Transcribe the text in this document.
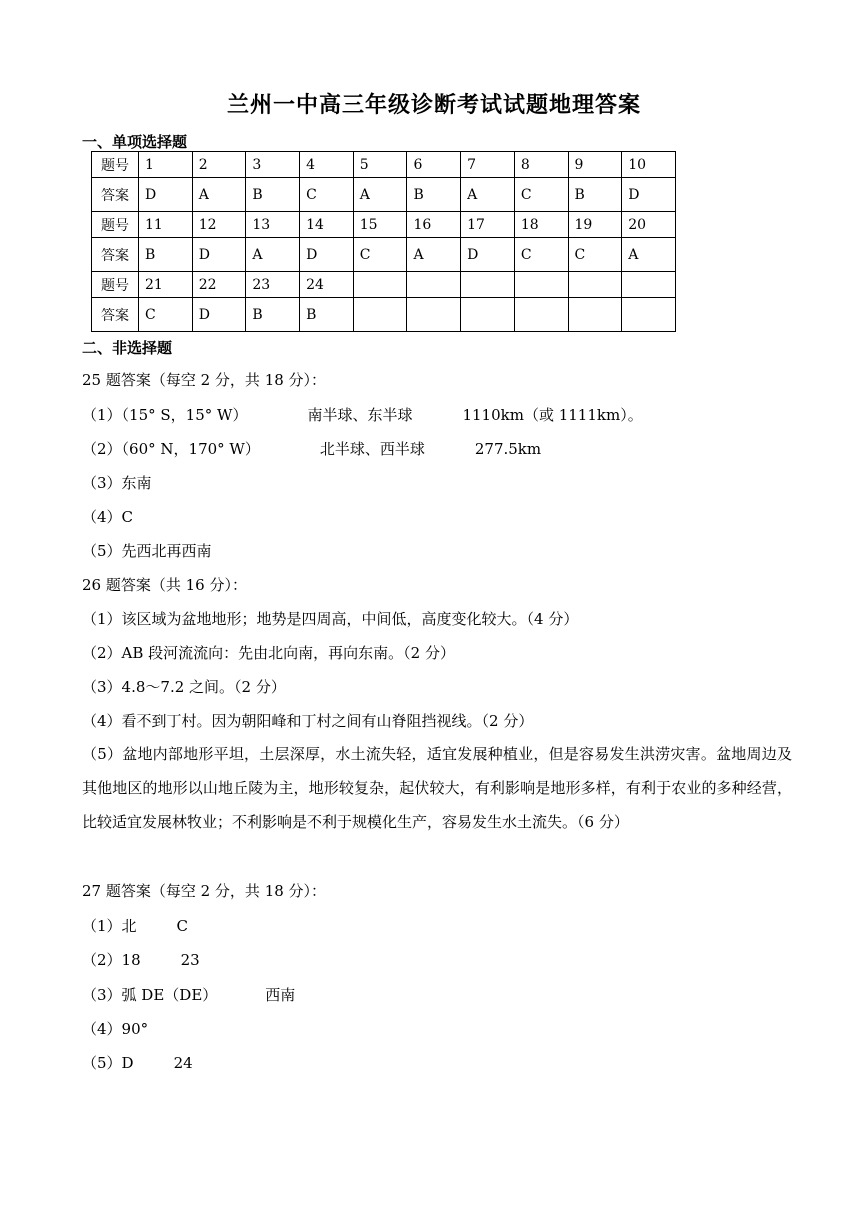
兰州一中高三年级诊断考试试题地理答案
一、单项选择题
题号	1	2	3	4	5	6	7	8	9	10
答案	D	A	B	C	A	B	A	C	B	D
题号	11	12	13	14	15	16	17	18	19	20
答案	B	D	A	D	C	A	D	C	C	A
题号	21	22	23	24						
答案	C	D	B	B						
二、非选择题
25 题答案（每空 2 分，共 18 分）：
（1）（15° S，15° W）	南半球、东半球	1110km（或 1111km）。
（2）（60° N，170° W）	北半球、西半球	277.5km
（3）东南
（4）C
（5）先西北再西南
26 题答案（共 16 分）：
（1）该区域为盆地地形；地势是四周高，中间低，高度变化较大。（4 分）
（2）AB 段河流流向：先由北向南，再向东南。（2 分）
（3）4.8～7.2 之间。（2 分）
（4）看不到丁村。因为朝阳峰和丁村之间有山脊阻挡视线。（2 分）
（5）盆地内部地形平坦，土层深厚，水土流失轻，适宜发展种植业，但是容易发生洪涝灾害。盆地周边及其他地区的地形以山地丘陵为主，地形较复杂，起伏较大，有利影响是地形多样，有利于农业的多种经营，比较适宜发展林牧业；不利影响是不利于规模化生产，容易发生水土流失。（6 分）
27 题答案（每空 2 分，共 18 分）：
（1）北	C
（2）18	23
（3）弧 DE（DE）	西南
（4）90°
（5）D	24
